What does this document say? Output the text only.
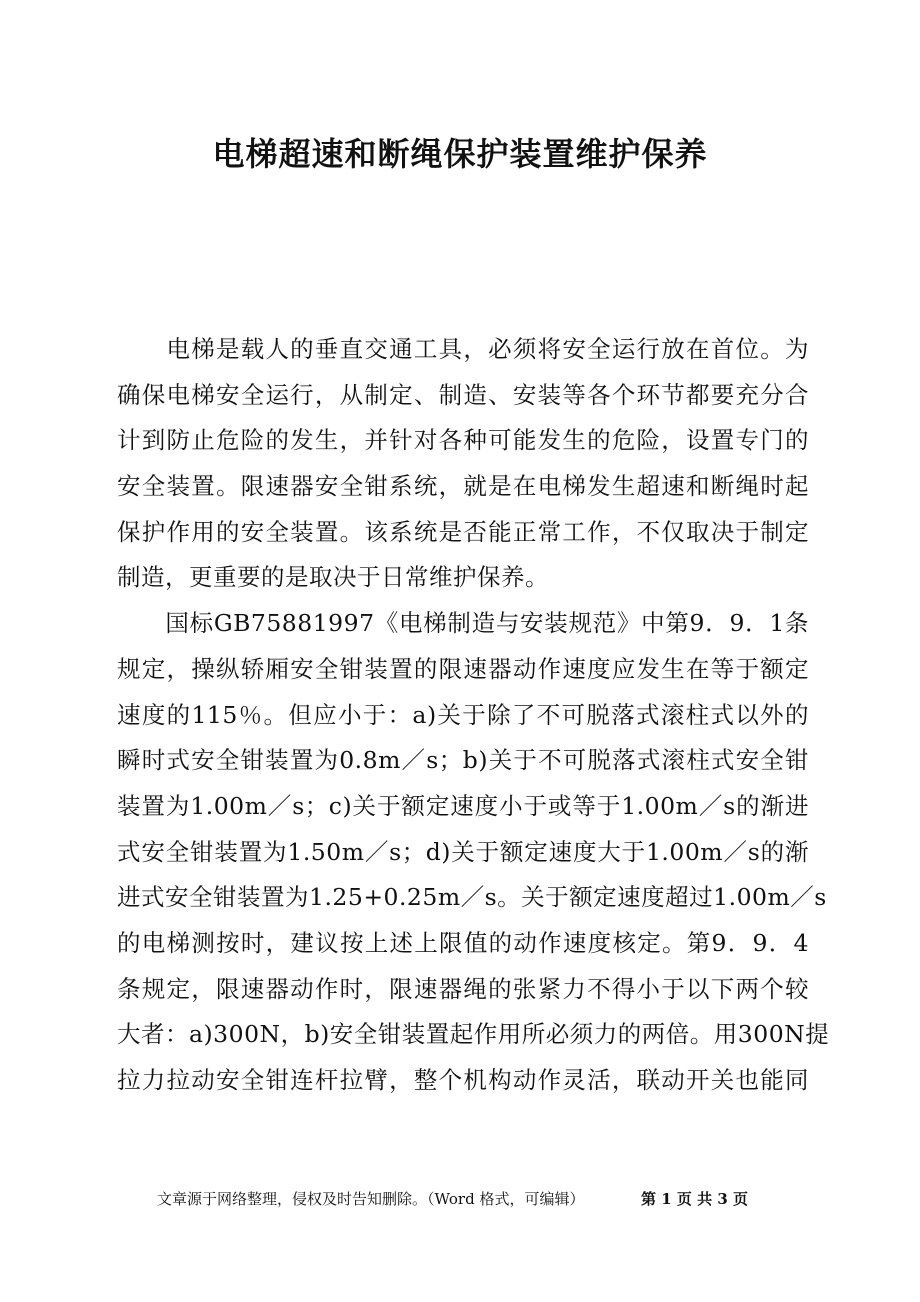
电梯超速和断绳保护装置维护保养
　　电梯是载人的垂直交通工具，必须将安全运行放在首位。为
确保电梯安全运行，从制定、制造、安装等各个环节都要充分合
计到防止危险的发生，并针对各种可能发生的危险，设置专门的
安全装置。限速器安全钳系统，就是在电梯发生超速和断绳时起
保护作用的安全装置。该系统是否能正常工作，不仅取决于制定
制造，更重要的是取决于日常维护保养。
　　国标GB75881997《电梯制造与安装规范》中第9．9．1条
规定，操纵轿厢安全钳装置的限速器动作速度应发生在等于额定
速度的115％。但应小于：a)关于除了不可脱落式滚柱式以外的
瞬时式安全钳装置为0.8m／s；b)关于不可脱落式滚柱式安全钳
装置为1.00m／s；c)关于额定速度小于或等于1.00m／s的渐进
式安全钳装置为1.50m／s；d)关于额定速度大于1.00m／s的渐
进式安全钳装置为1.25+0.25m／s。关于额定速度超过1.00m／s
的电梯测按时，建议按上述上限值的动作速度核定。第9．9．4
条规定，限速器动作时，限速器绳的张紧力不得小于以下两个较
大者：a)300N，b)安全钳装置起作用所必须力的两倍。用300N提
拉力拉动安全钳连杆拉臂，整个机构动作灵活，联动开关也能同
文章源于网络整理，侵权及时告知删除。（Word 格式，可编辑）	第 1 页 共 3 页
